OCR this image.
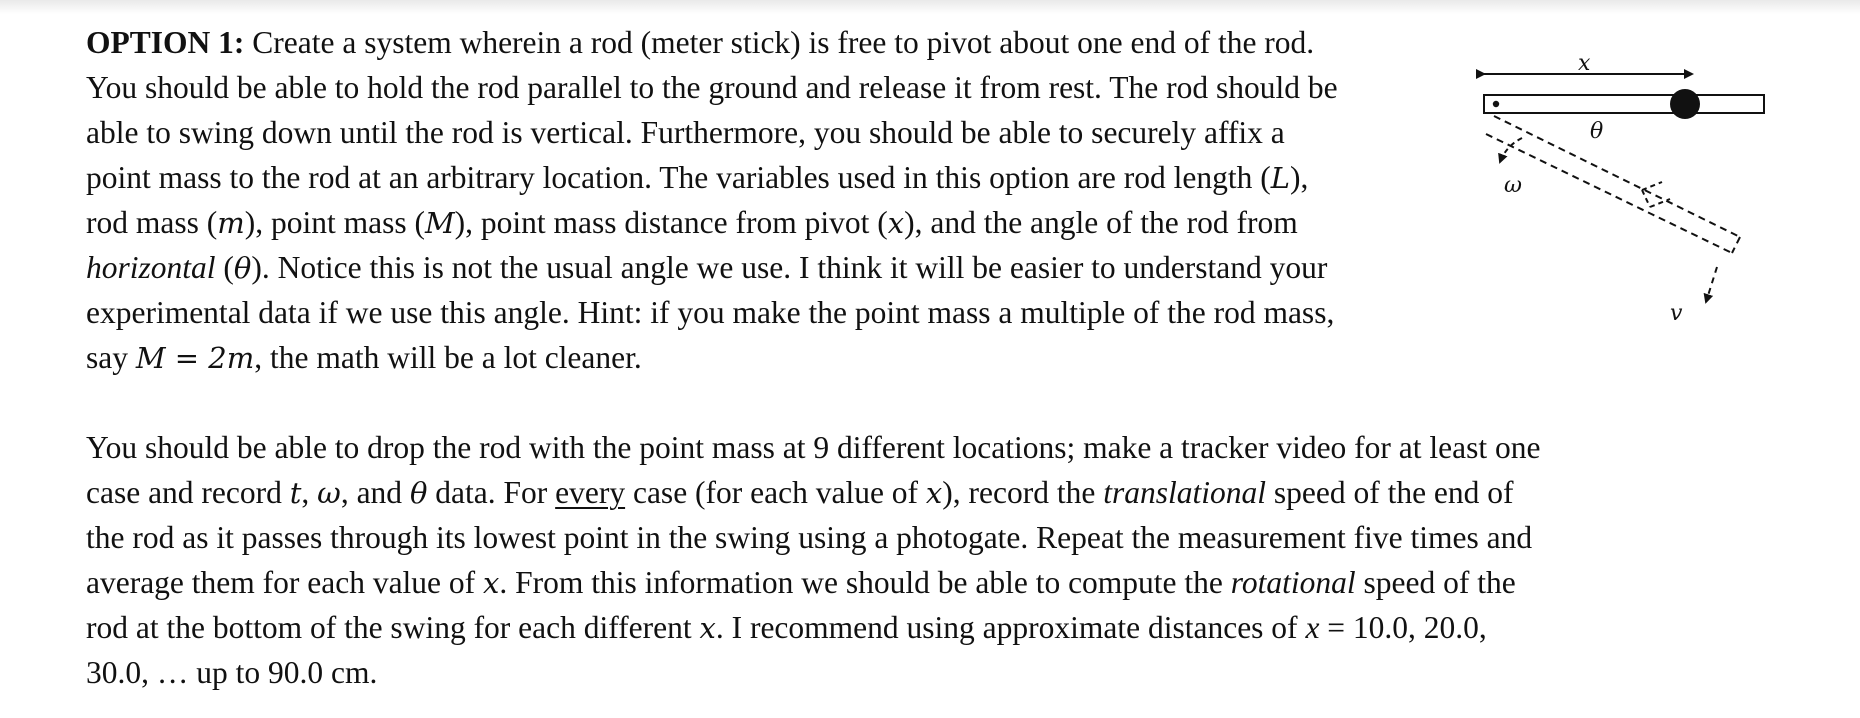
OPTION 1: Create a system wherein a rod (meter stick) is free to pivot about one end of the rod.
You should be able to hold the rod parallel to the ground and release it from rest. The rod should be
able to swing down until the rod is vertical. Furthermore, you should be able to securely affix a
point mass to the rod at an arbitrary location. The variables used in this option are rod length (L),
rod mass (m), point mass (M), point mass distance from pivot (x), and the angle of the rod from
horizontal (θ). Notice this is not the usual angle we use. I think it will be easier to understand your
experimental data if we use this angle. Hint: if you make the point mass a multiple of the rod mass,
say M = 2m, the math will be a lot cleaner.
You should be able to drop the rod with the point mass at 9 different locations; make a tracker video for at least one
case and record t, ω, and θ data. For every case (for each value of x), record the translational speed of the end of
the rod as it passes through its lowest point in the swing using a photogate. Repeat the measurement five times and
average them for each value of x. From this information we should be able to compute the rotational speed of the
rod at the bottom of the swing for each different x. I recommend using approximate distances of x = 10.0, 20.0,
30.0, … up to 90.0 cm.
x
θ
ω
v
